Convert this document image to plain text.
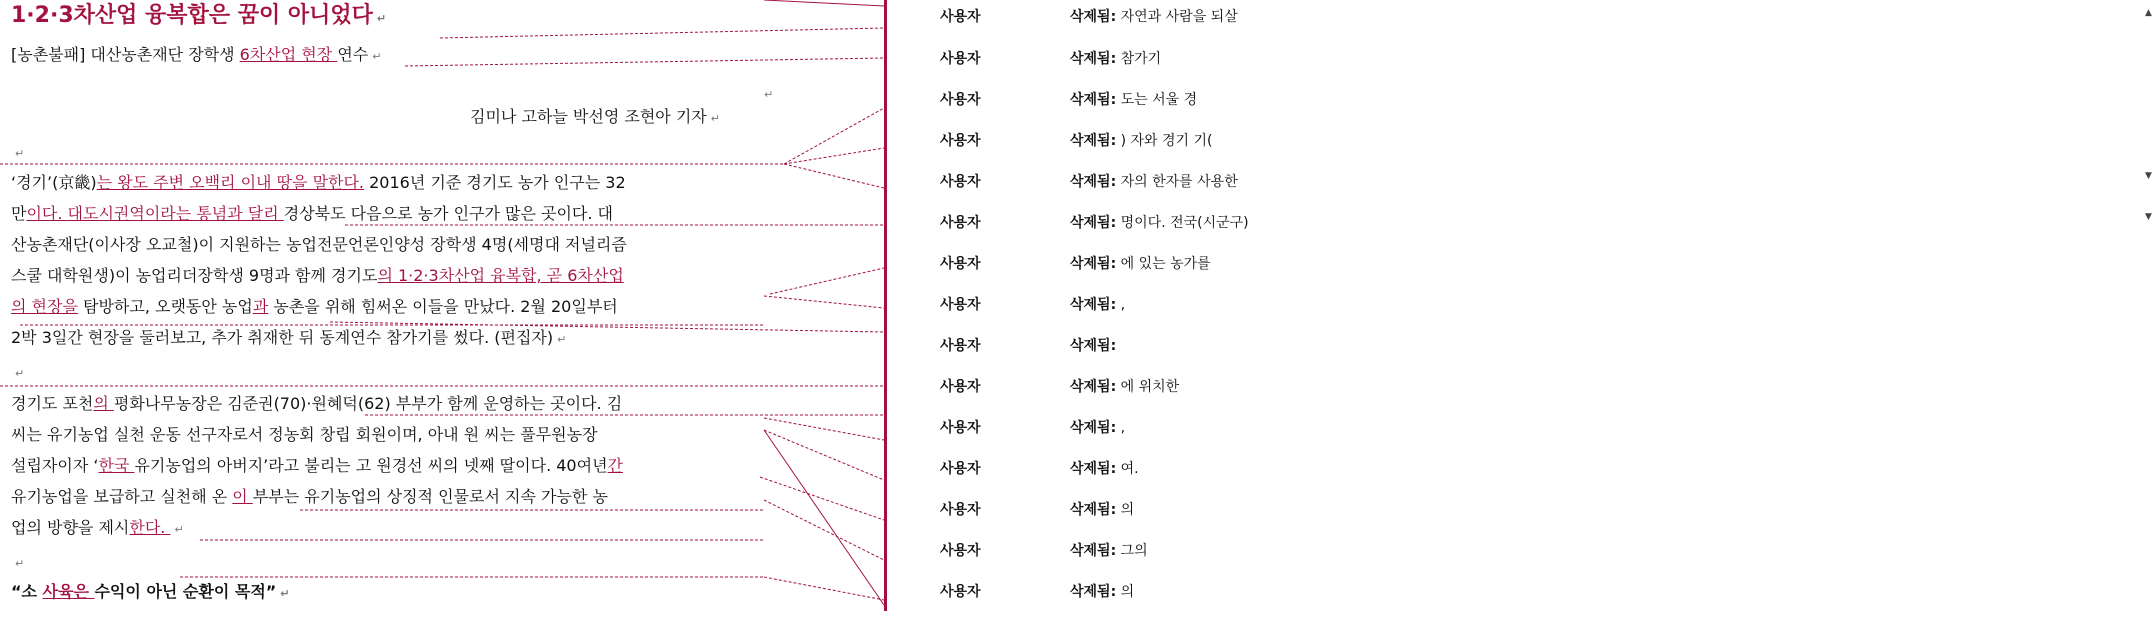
1·2·3차산업 융복합은 꿈이 아니었다 ↵
[농촌불패] 대산농촌재단 장학생 6차산업 현장 연수 ↵
↵
김미나 고하늘 박선영 조현아 기자 ↵
↵
‘경기’(京畿)는 왕도 주변 오백리 이내 땅을 말한다. 2016년 기준 경기도 농가 인구는 32
만이다. 대도시권역이라는 통념과 달리 경상북도 다음으로 농가 인구가 많은 곳이다. 대
산농촌재단(이사장 오교철)이 지원하는 농업전문언론인양성 장학생 4명(세명대 저널리즘
스쿨 대학원생)이 농업리더장학생 9명과 함께 경기도의 1·2·3차산업 융복합, 곧 6차산업
의 현장을 탐방하고, 오랫동안 농업과 농촌을 위해 힘써온 이들을 만났다. 2월 20일부터
2박 3일간 현장을 둘러보고, 추가 취재한 뒤 동계연수 참가기를 썼다. (편집자) ↵
↵
경기도 포천의 평화나무농장은 김준권(70)·원혜덕(62) 부부가 함께 운영하는 곳이다. 김
씨는 유기농업 실천 운동 선구자로서 정농회 창립 회원이며, 아내 원 씨는 풀무원농장
설립자이자 ‘한국 유기농업의 아버지’라고 불리는 고 원경선 씨의 넷째 딸이다. 40여년간
유기농업을 보급하고 실천해 온 이 부부는 유기농업의 상징적 인물로서 지속 가능한 농
업의 방향을 제시한다. ↵
↵
“소 사육은 수익이 아닌 순환이 목적” ↵
사용자	삭제됨: 자연과 사람을 되살	▲
사용자	삭제됨: 참가기
사용자	삭제됨: 도는 서울 경
사용자	삭제됨: ) 자와 경기 기(
사용자	삭제됨: 자의 한자를 사용한	▼
사용자	삭제됨: 명이다. 전국(시군구)	▼
사용자	삭제됨: 에 있는 농가를
사용자	삭제됨: ,
사용자	삭제됨:
사용자	삭제됨: 에 위치한
사용자	삭제됨: ,
사용자	삭제됨: 여.
사용자	삭제됨: 의
사용자	삭제됨: 그의
사용자	삭제됨: 의
